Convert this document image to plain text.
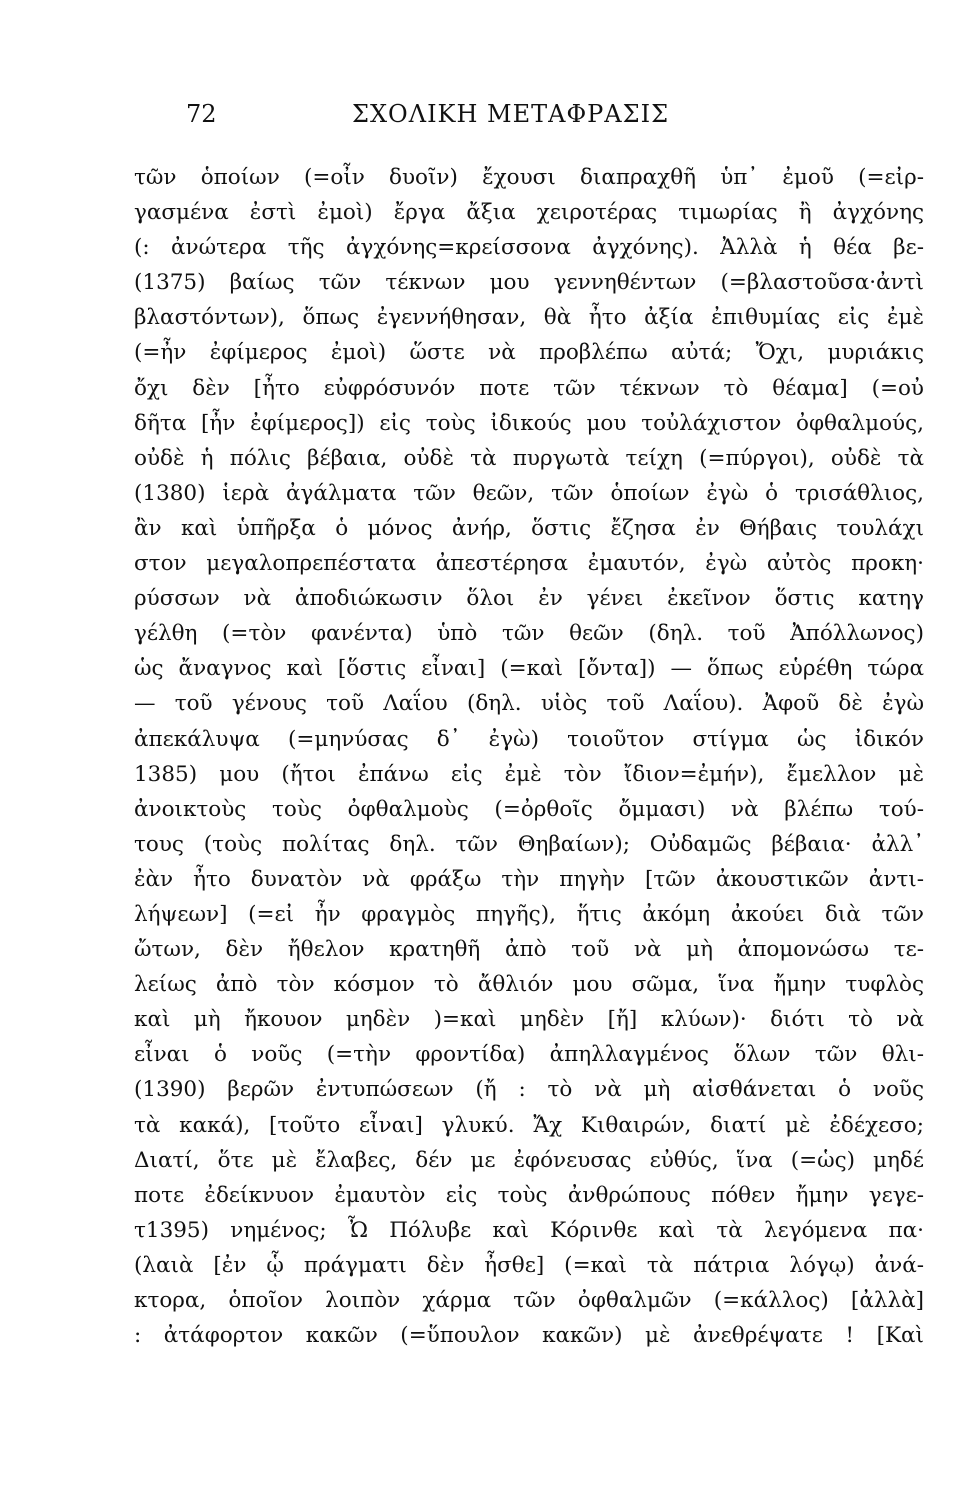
72	ΣΧΟΛΙΚΗ ΜΕΤΑΦΡΑΣΙΣ
τῶν ὁποίων (=οἶν δυοῖν) ἔχουσι διαπραχθῆ ὑπ᾽ ἐμοῦ (=εἰρ-
γασμένα ἐστὶ ἐμοὶ) ἔργα ἄξια χειροτέρας τιμωρίας ἢ ἀγχόνης
(: ἀνώτερα τῆς ἀγχόνης=κρείσσονα ἀγχόνης). Ἀλλὰ ἡ θέα βε-
(1375) βαίως τῶν τέκνων μου γεννηθέντων (=βλαστοῦσα·ἀντὶ
βλαστόντων), ὅπως ἐγεννήθησαν, θὰ ἦτο ἀξία ἐπιθυμίας εἰς ἐμὲ
(=ἦν ἐφίμερος ἐμοὶ) ὥστε νὰ προβλέπω αὐτά; Ὄχι, μυριάκις
ὄχι δὲν [ἦτο εὐφρόσυνόν ποτε τῶν τέκνων τὸ θέαμα] (=οὐ
δῆτα [ἦν ἐφίμερος]) εἰς τοὺς ἰδικούς μου τοὐλάχιστον ὀφθαλμούς,
οὐδὲ ἡ πόλις βέβαια, οὐδὲ τὰ πυργωτὰ τείχη (=πύργοι), οὐδὲ τὰ
(1380) ἱερὰ ἀγάλματα τῶν θεῶν, τῶν ὁποίων ἐγὼ ὁ τρισάθλιος,
ἂν καὶ ὑπῆρξα ὁ μόνος ἀνήρ, ὅστις ἔζησα ἐν Θήβαις τουλάχι
στον μεγαλοπρεπέστατα ἀπεστέρησα ἐμαυτόν, ἐγὼ αὐτὸς προκη·
ρύσσων νὰ ἀποδιώκωσιν ὅλοι ἐν γένει ἐκεῖνον ὅστις κατηγ
γέλθη (=τὸν φανέντα) ὑπὸ τῶν θεῶν (δηλ. τοῦ Ἀπόλλωνος)
ὡς ἄναγνος καὶ [ὅστις εἶναι] (=καὶ [ὄντα]) — ὅπως εὑρέθη τώρα
— τοῦ γένους τοῦ Λαΐου (δηλ. υἱὸς τοῦ Λαΐου). Ἀφοῦ δὲ ἐγὼ
ἀπεκάλυψα (=μηνύσας δ᾽ ἐγὼ) τοιοῦτον στίγμα ὡς ἰδικόν
1385) μου (ἤτοι ἐπάνω εἰς ἐμὲ τὸν ἴδιον=ἐμήν), ἔμελλον μὲ
ἀνοικτοὺς τοὺς ὀφθαλμοὺς (=ὀρθοῖς ὄμμασι) νὰ βλέπω τού-
τους (τοὺς πολίτας δηλ. τῶν Θηβαίων); Οὐδαμῶς βέβαια· ἀλλ᾽
ἐὰν ἦτο δυνατὸν νὰ φράξω τὴν πηγὴν [τῶν ἀκουστικῶν ἀντι-
λήψεων] (=εἰ ἦν φραγμὸς πηγῆς), ἥτις ἀκόμη ἀκούει διὰ τῶν
ὤτων, δὲν ἤθελον κρατηθῆ ἀπὸ τοῦ νὰ μὴ ἀπομονώσω τε-
λείως ἀπὸ τὸν κόσμον τὸ ἄθλιόν μου σῶμα, ἵνα ἤμην τυφλὸς
καὶ μὴ ἤκουον μηδὲν )=καὶ μηδὲν [ἤ] κλύων)· διότι τὸ νὰ
εἶναι ὁ νοῦς (=τὴν φροντίδα) ἀπηλλαγμένος ὅλων τῶν θλι-
(1390) βερῶν ἐντυπώσεων (ἤ : τὸ νὰ μὴ αἰσθάνεται ὁ νοῦς
τὰ κακά), [τοῦτο εἶναι] γλυκύ. Ἄχ Κιθαιρών, διατί μὲ ἐδέχεσο;
Διατί, ὅτε μὲ ἔλαβες, δέν με ἐφόνευσας εὐθύς, ἵνα (=ὡς) μηδέ
ποτε ἐδείκνυον ἐμαυτὸν εἰς τοὺς ἀνθρώπους πόθεν ἤμην γεγε-
τ1395) νημένος; Ὦ Πόλυβε καὶ Κόρινθε καὶ τὰ λεγόμενα πα·
(λαιὰ [ἐν ᾧ πράγματι δὲν ἦσθε] (=καὶ τὰ πάτρια λόγῳ) ἀνά-
κτορα, ὁποῖον λοιπὸν χάρμα τῶν ὀφθαλμῶν (=κάλλος) [ἀλλὰ]
: ἀτάφορτον κακῶν (=ὕπουλον κακῶν) μὲ ἀνεθρέψατε ! [Καὶ
